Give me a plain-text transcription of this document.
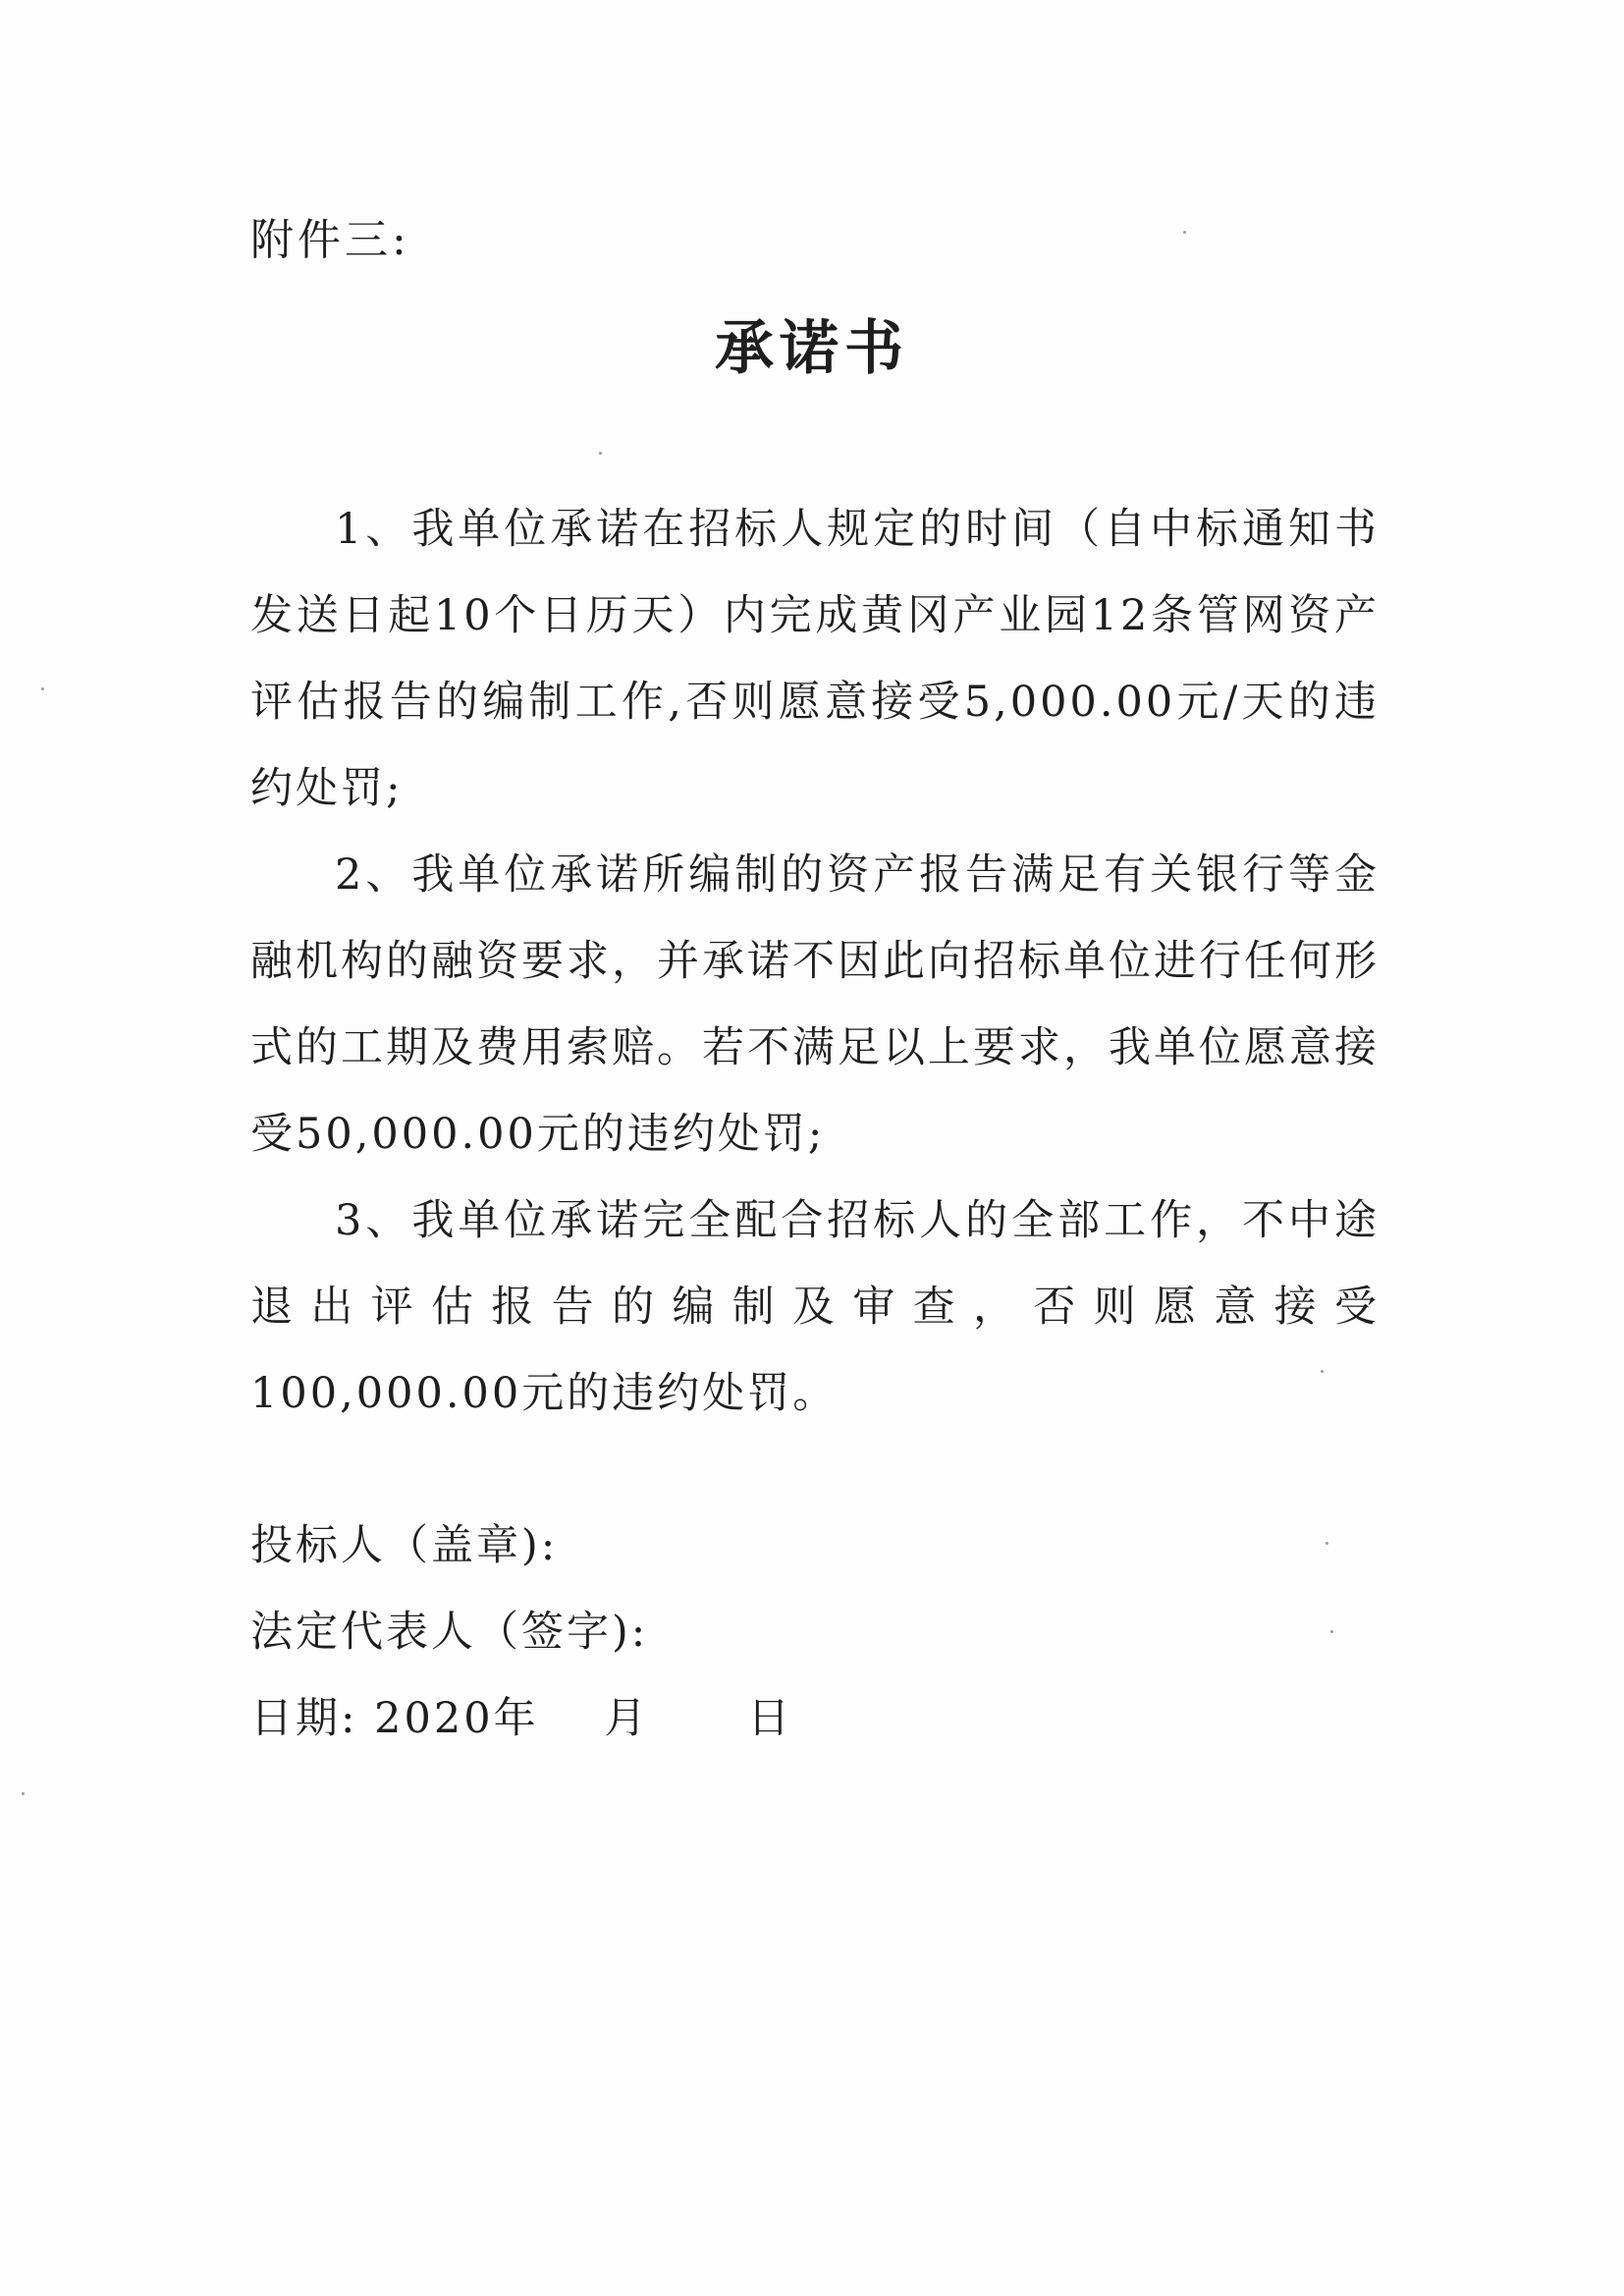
附件三:
承诺书

1、我单位承诺在招标人规定的时间（自中标通知书发送日起10个日历天）内完成黄冈产业园12条管网资产评估报告的编制工作,否则愿意接受5,000.00元/天的违约处罚;

2、我单位承诺所编制的资产报告满足有关银行等金融机构的融资要求，并承诺不因此向招标单位进行任何形式的工期及费用索赔。若不满足以上要求，我单位愿意接受50,000.00元的违约处罚;

3、我单位承诺完全配合招标人的全部工作，不中途退出评估报告的编制及审查，否则愿意接受100,000.00元的违约处罚。

投标人（盖章):
法定代表人（签字):
日期: 2020年    月      日
